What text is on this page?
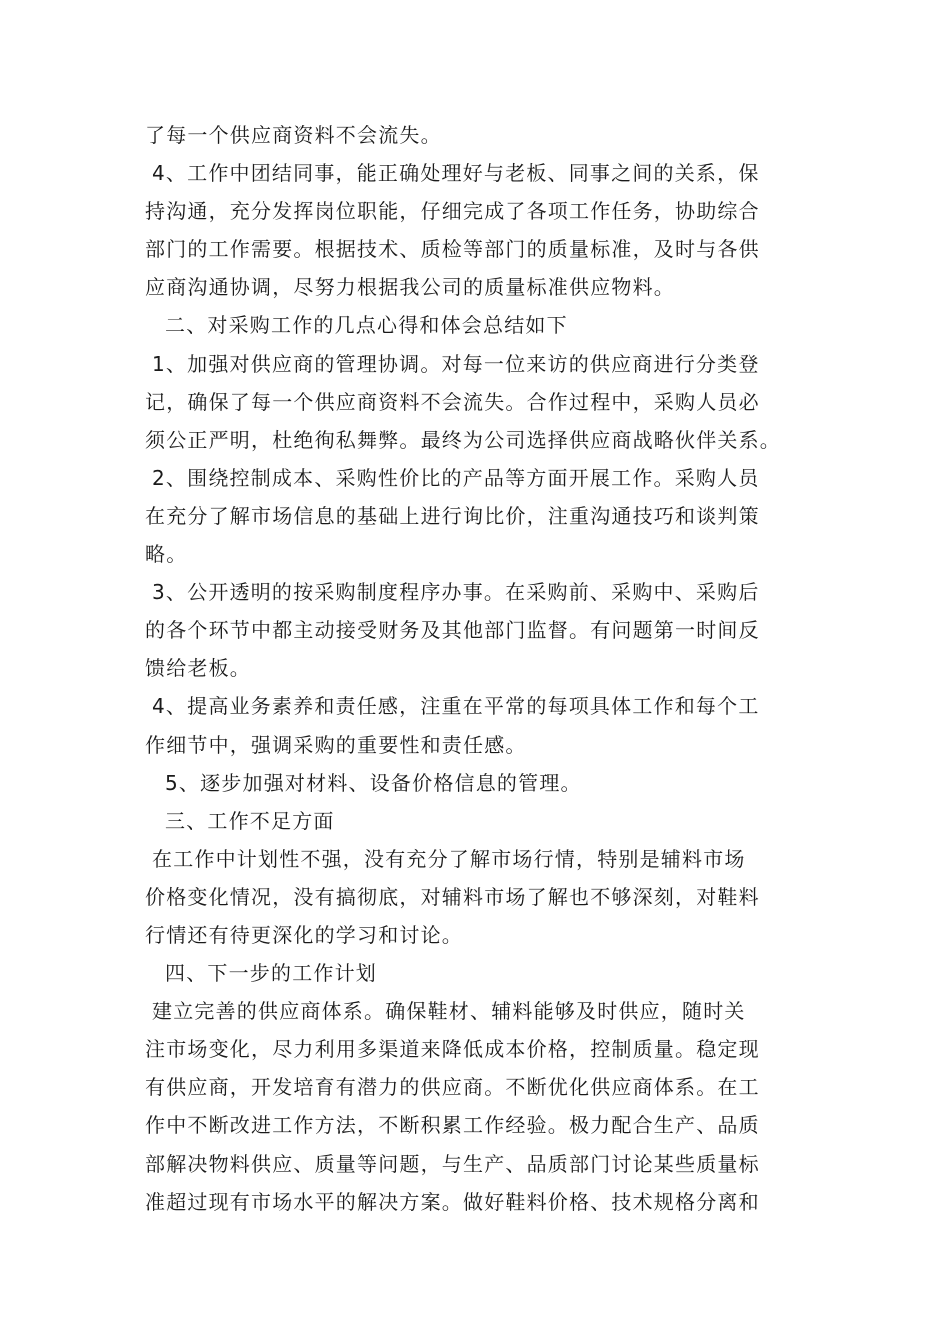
了每一个供应商资料不会流失。
4、工作中团结同事，能正确处理好与老板、同事之间的关系，保
持沟通，充分发挥岗位职能，仔细完成了各项工作任务，协助综合
部门的工作需要。根据技术、质检等部门的质量标准，及时与各供
应商沟通协调，尽努力根据我公司的质量标准供应物料。
二、对采购工作的几点心得和体会总结如下
1、加强对供应商的管理协调。对每一位来访的供应商进行分类登
记，确保了每一个供应商资料不会流失。合作过程中，采购人员必
须公正严明，杜绝徇私舞弊。最终为公司选择供应商战略伙伴关系。
2、围绕控制成本、采购性价比的产品等方面开展工作。采购人员
在充分了解市场信息的基础上进行询比价，注重沟通技巧和谈判策
略。
3、公开透明的按采购制度程序办事。在采购前、采购中、采购后
的各个环节中都主动接受财务及其他部门监督。有问题第一时间反
馈给老板。
4、提高业务素养和责任感，注重在平常的每项具体工作和每个工
作细节中，强调采购的重要性和责任感。
5、逐步加强对材料、设备价格信息的管理。
三、工作不足方面
在工作中计划性不强，没有充分了解市场行情，特别是辅料市场
价格变化情况，没有搞彻底，对辅料市场了解也不够深刻，对鞋料
行情还有待更深化的学习和讨论。
四、下一步的工作计划
建立完善的供应商体系。确保鞋材、辅料能够及时供应，随时关
注市场变化，尽力利用多渠道来降低成本价格，控制质量。稳定现
有供应商，开发培育有潜力的供应商。不断优化供应商体系。在工
作中不断改进工作方法，不断积累工作经验。极力配合生产、品质
部解决物料供应、质量等问题，与生产、品质部门讨论某些质量标
准超过现有市场水平的解决方案。做好鞋料价格、技术规格分离和
